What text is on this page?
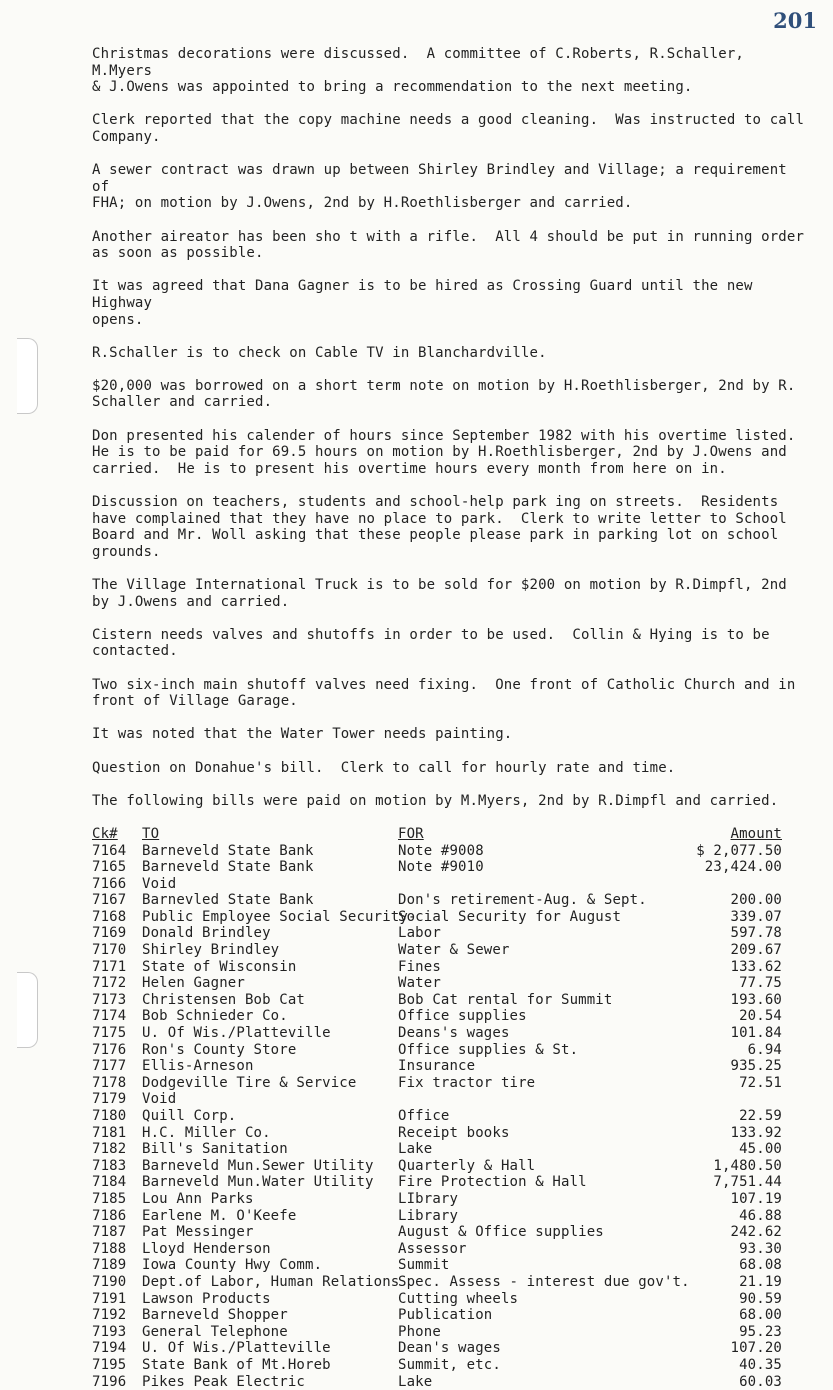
201

Christmas decorations were discussed.  A committee of C.Roberts, R.Schaller, M.Myers
& J.Owens was appointed to bring a recommendation to the next meeting.

Clerk reported that the copy machine needs a good cleaning.  Was instructed to call
Company.

A sewer contract was drawn up between Shirley Brindley and Village; a requirement of
FHA; on motion by J.Owens, 2nd by H.Roethlisberger and carried.

Another aireator has been sho t with a rifle.  All 4 should be put in running order
as soon as possible.

It was agreed that Dana Gagner is to be hired as Crossing Guard until the new Highway
opens.

R.Schaller is to check on Cable TV in Blanchardville.

$20,000 was borrowed on a short term note on motion by H.Roethlisberger, 2nd by R.
Schaller and carried.

Don presented his calender of hours since September 1982 with his overtime listed.
He is to be paid for 69.5 hours on motion by H.Roethlisberger, 2nd by J.Owens and
carried.  He is to present his overtime hours every month from here on in.

Discussion on teachers, students and school-help park ing on streets.  Residents
have complained that they have no place to park.  Clerk to write letter to School
Board and Mr. Woll asking that these people please park in parking lot on school
grounds.

The Village International Truck is to be sold for $200 on motion by R.Dimpfl, 2nd
by J.Owens and carried.

Cistern needs valves and shutoffs in order to be used.  Collin & Hying is to be
contacted.

Two six-inch main shutoff valves need fixing.  One front of Catholic Church and in
front of Village Garage.

It was noted that the Water Tower needs painting.

Question on Donahue's bill.  Clerk to call for hourly rate and time.

The following bills were paid on motion by M.Myers, 2nd by R.Dimpfl and carried.

Ck#	TO	FOR	Amount
7164	Barneveld State Bank	Note #9008	$ 2,077.50
7165	Barneveld State Bank	Note #9010	23,424.00
7166	Void		
7167	Barnevled State Bank	Don's retirement-Aug. & Sept.	200.00
7168	Public Employee Social Security-	Social Security for August	339.07
7169	Donald Brindley	Labor	597.78
7170	Shirley Brindley	Water & Sewer	209.67
7171	State of Wisconsin	Fines	133.62
7172	Helen Gagner	Water	77.75
7173	Christensen Bob Cat	Bob Cat rental for Summit	193.60
7174	Bob Schnieder Co.	Office supplies	20.54
7175	U. Of Wis./Platteville	Deans's wages	101.84
7176	Ron's County Store	Office supplies & St.	6.94
7177	Ellis-Arneson	Insurance	935.25
7178	Dodgeville Tire & Service	Fix tractor tire	72.51
7179	Void		
7180	Quill Corp.	Office	22.59
7181	H.C. Miller Co.	Receipt books	133.92
7182	Bill's Sanitation	Lake	45.00
7183	Barneveld Mun.Sewer Utility	Quarterly & Hall	1,480.50
7184	Barneveld Mun.Water Utility	Fire Protection & Hall	7,751.44
7185	Lou Ann Parks	LIbrary	107.19
7186	Earlene M. O'Keefe	Library	46.88
7187	Pat Messinger	August & Office supplies	242.62
7188	Lloyd Henderson	Assessor	93.30
7189	Iowa County Hwy Comm.	Summit	68.08
7190	Dept.of Labor, Human Relations	Spec. Assess - interest due gov't.	21.19
7191	Lawson Products	Cutting wheels	90.59
7192	Barneveld Shopper	Publication	68.00
7193	General Telephone	Phone	95.23
7194	U. Of Wis./Platteville	Dean's wages	107.20
7195	State Bank of Mt.Horeb	Summit, etc.	40.35
7196	Pikes Peak Electric	Lake	60.03
